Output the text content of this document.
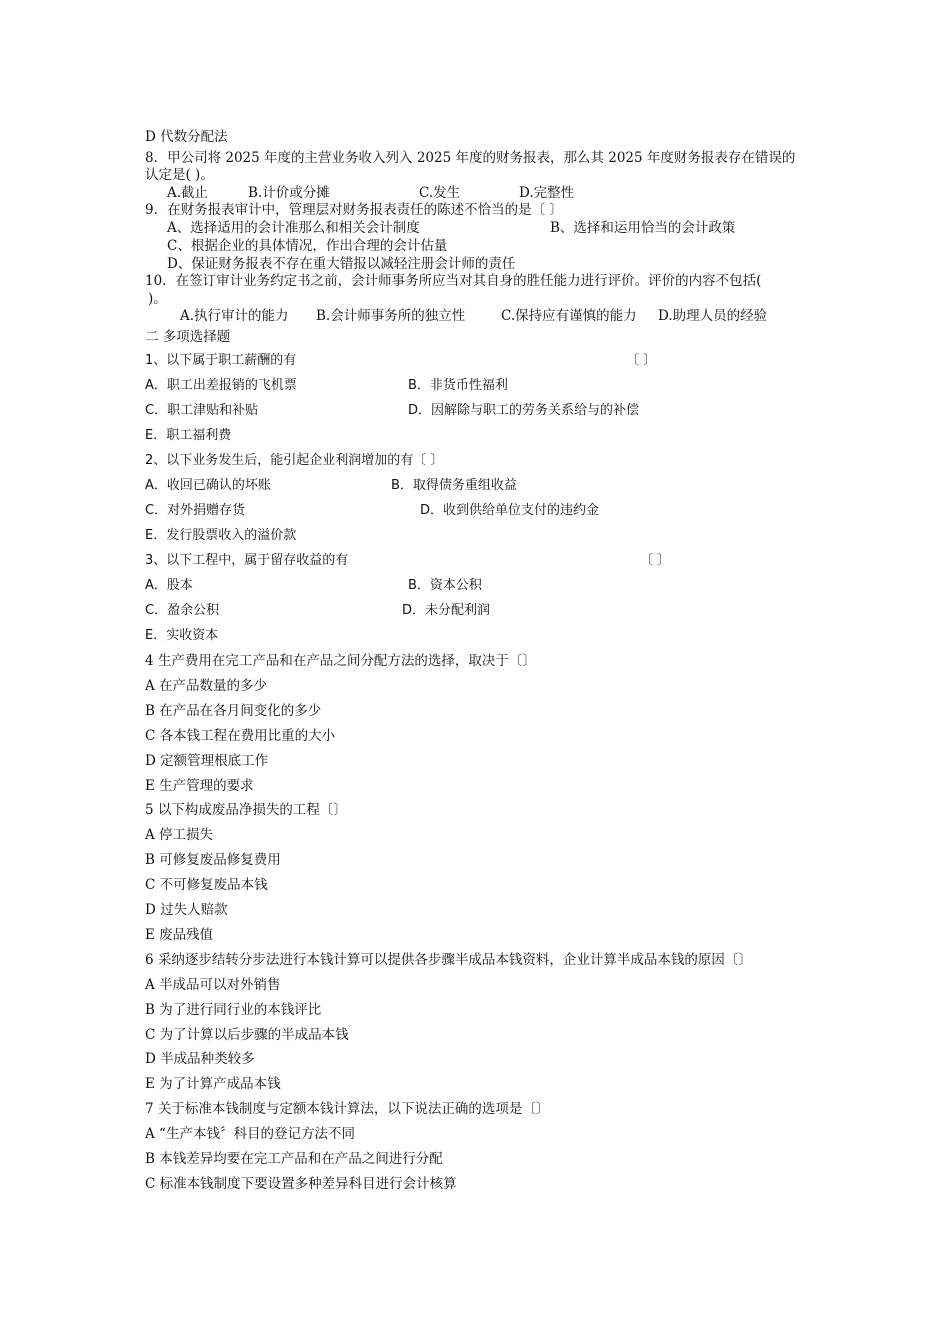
D 代数分配法
8．甲公司将 2025 年度的主营业务收入列入 2025 年度的财务报表，那么其 2025 年度财务报表存在错误的
认定是( )。
A.截止	B.计价或分摊	C.发生	D.完整性
9．在财务报表审计中，管理层对财务报表责任的陈述不恰当的是〔 〕
A、选择适用的会计准那么和相关会计制度	B、选择和运用恰当的会计政策
C、根据企业的具体情况，作出合理的会计估量
D、保证财务报表不存在重大错报以减轻注册会计师的责任
10．在签订审计业务约定书之前，会计师事务所应当对其自身的胜任能力进行评价。评价的内容不包括(
)。
A.执行审计的能力 B.会计师事务所的独立性	C.保持应有谨慎的能力 D.助理人员的经验
二 多项选择题
1、以下属于职工薪酬的有	〔 〕
A．职工出差报销的飞机票	B．非货币性福利
C．职工津贴和补贴	D．因解除与职工的劳务关系给与的补偿
E．职工福利费
2、以下业务发生后，能引起企业利润增加的有〔 〕
A．收回已确认的坏账	B．取得债务重组收益
C．对外捐赠存货	D．收到供给单位支付的违约金
E．发行股票收入的溢价款
3、以下工程中，属于留存收益的有	〔 〕
A．股本	B．资本公积
C．盈余公积	D．未分配利润
E．实收资本
4 生产费用在完工产品和在产品之间分配方法的选择，取决于〔〕
A 在产品数量的多少
B 在产品在各月间变化的多少
C 各本钱工程在费用比重的大小
D 定额管理根底工作
E 生产管理的要求
5 以下构成废品净损失的工程〔〕
A 停工损失
B 可修复废品修复费用
C 不可修复废品本钱
D 过失人赔款
E 废品残值
6 采纳逐步结转分步法进行本钱计算可以提供各步骤半成品本钱资料，企业计算半成品本钱的原因〔〕
A 半成品可以对外销售
B 为了进行同行业的本钱评比
C 为了计算以后步骤的半成品本钱
D 半成品种类较多
E 为了计算产成品本钱
7 关于标准本钱制度与定额本钱计算法，以下说法正确的选项是〔〕
A “生产本钱〞科目的登记方法不同
B 本钱差异均要在完工产品和在产品之间进行分配
C 标准本钱制度下要设置多种差异科目进行会计核算
